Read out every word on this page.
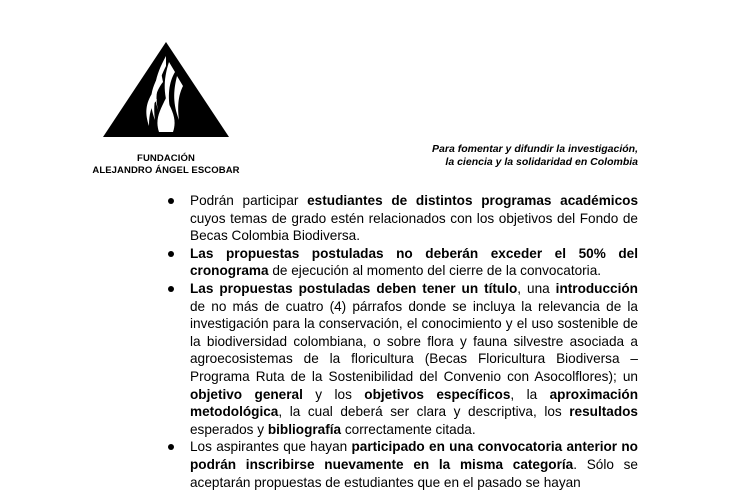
FUNDACIÓN
ALEJANDRO ÁNGEL ESCOBAR
Para fomentar y difundir la investigación,
la ciencia y la solidaridad en Colombia

Podrán participar estudiantes de distintos programas académicos cuyos temas de grado estén relacionados con los objetivos del Fondo de Becas Colombia Biodiversa.

Las propuestas postuladas no deberán exceder el 50% del cronograma de ejecución al momento del cierre de la convocatoria.

Las propuestas postuladas deben tener un título, una introducción de no más de cuatro (4) párrafos donde se incluya la relevancia de la investigación para la conservación, el conocimiento y el uso sostenible de la biodiversidad colombiana, o sobre flora y fauna silvestre asociada a agroecosistemas de la floricultura (Becas Floricultura Biodiversa – Programa Ruta de la Sostenibilidad del Convenio con Asocolflores); un objetivo general y los objetivos específicos, la aproximación metodológica, la cual deberá ser clara y descriptiva, los resultados esperados y bibliografía correctamente citada.

Los aspirantes que hayan participado en una convocatoria anterior no podrán inscribirse nuevamente en la misma categoría. Sólo se aceptarán propuestas de estudiantes que en el pasado se hayan
